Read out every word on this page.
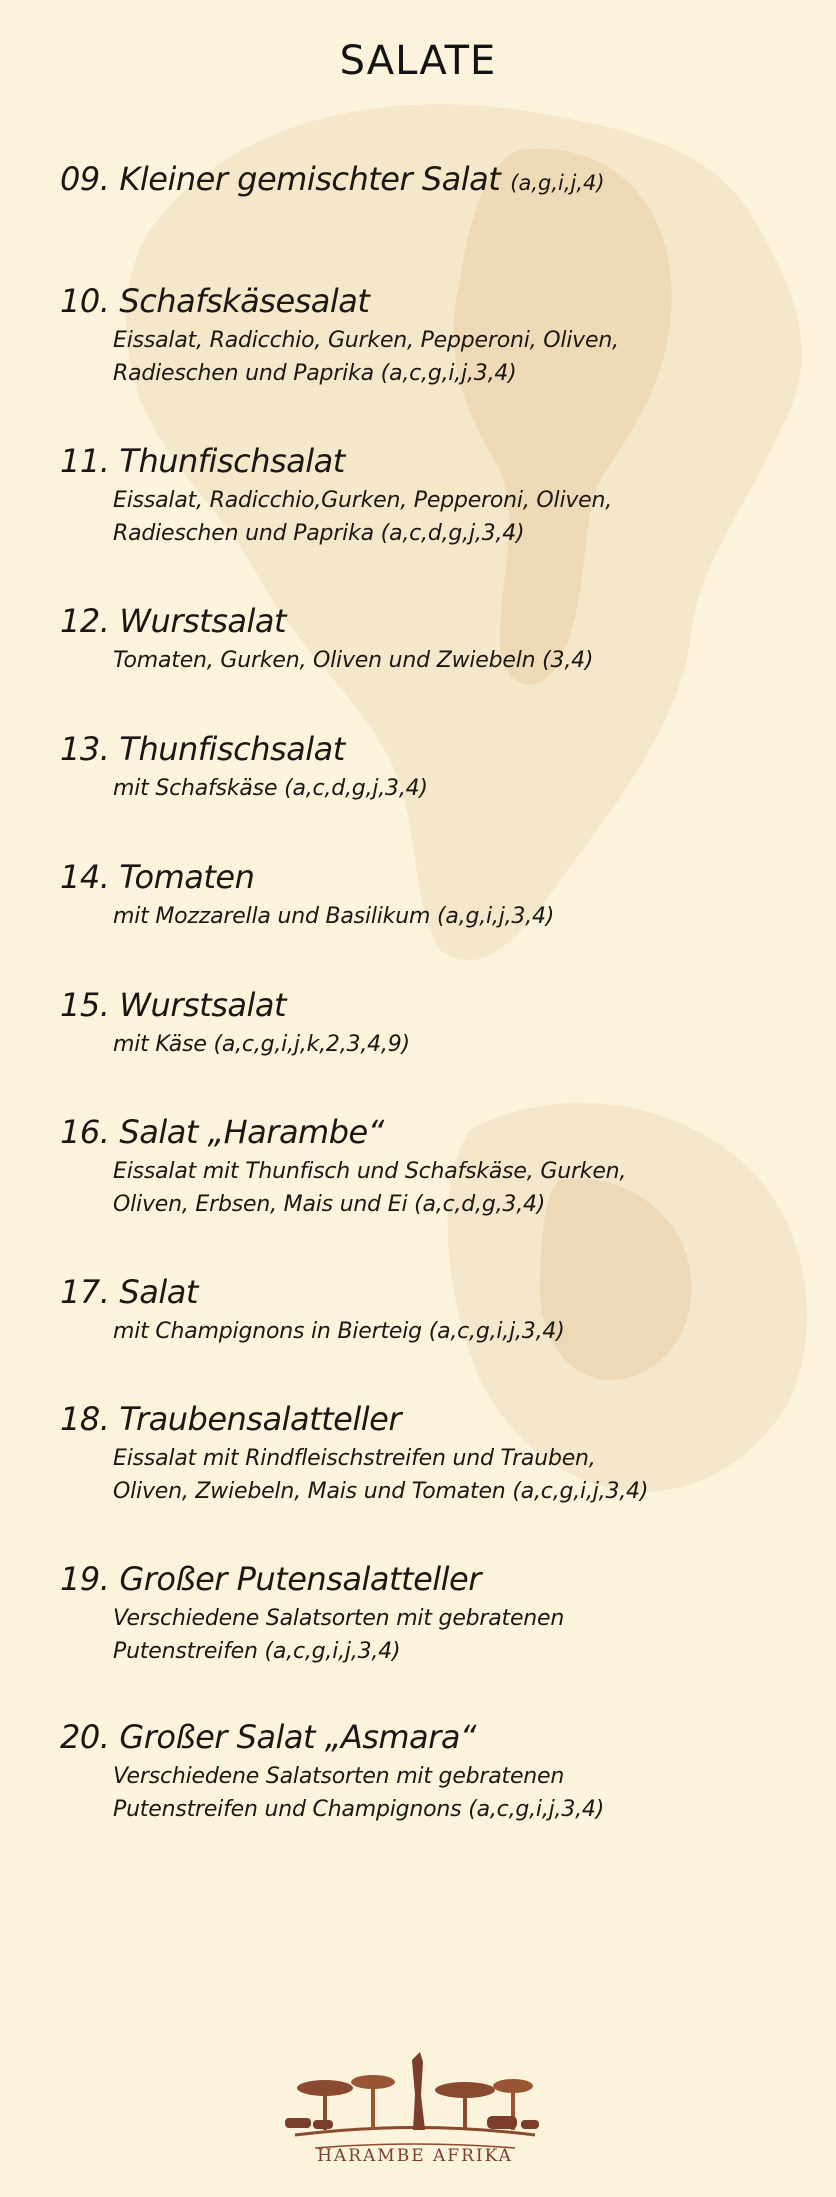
SALATE
09. Kleiner gemischter Salat (a,g,i,j,4)
10. Schafskäsesalat
Eissalat, Radicchio, Gurken, Pepperoni, Oliven,
Radieschen und Paprika (a,c,g,i,j,3,4)
11. Thunfischsalat
Eissalat, Radicchio,Gurken, Pepperoni, Oliven,
Radieschen und Paprika (a,c,d,g,j,3,4)
12. Wurstsalat
Tomaten, Gurken, Oliven und Zwiebeln (3,4)
13. Thunfischsalat
mit Schafskäse (a,c,d,g,j,3,4)
14. Tomaten
mit Mozzarella und Basilikum (a,g,i,j,3,4)
15. Wurstsalat
mit Käse (a,c,g,i,j,k,2,3,4,9)
16. Salat „Harambe“
Eissalat mit Thunfisch und Schafskäse, Gurken,
Oliven, Erbsen, Mais und Ei (a,c,d,g,3,4)
17. Salat
mit Champignons in Bierteig (a,c,g,i,j,3,4)
18. Traubensalatteller
Eissalat mit Rindfleischstreifen und Trauben,
Oliven, Zwiebeln, Mais und Tomaten (a,c,g,i,j,3,4)
19. Großer Putensalatteller
Verschiedene Salatsorten mit gebratenen
Putenstreifen (a,c,g,i,j,3,4)
20. Großer Salat „Asmara“
Verschiedene Salatsorten mit gebratenen
Putenstreifen und Champignons (a,c,g,i,j,3,4)
HARAMBE AFRIKA
